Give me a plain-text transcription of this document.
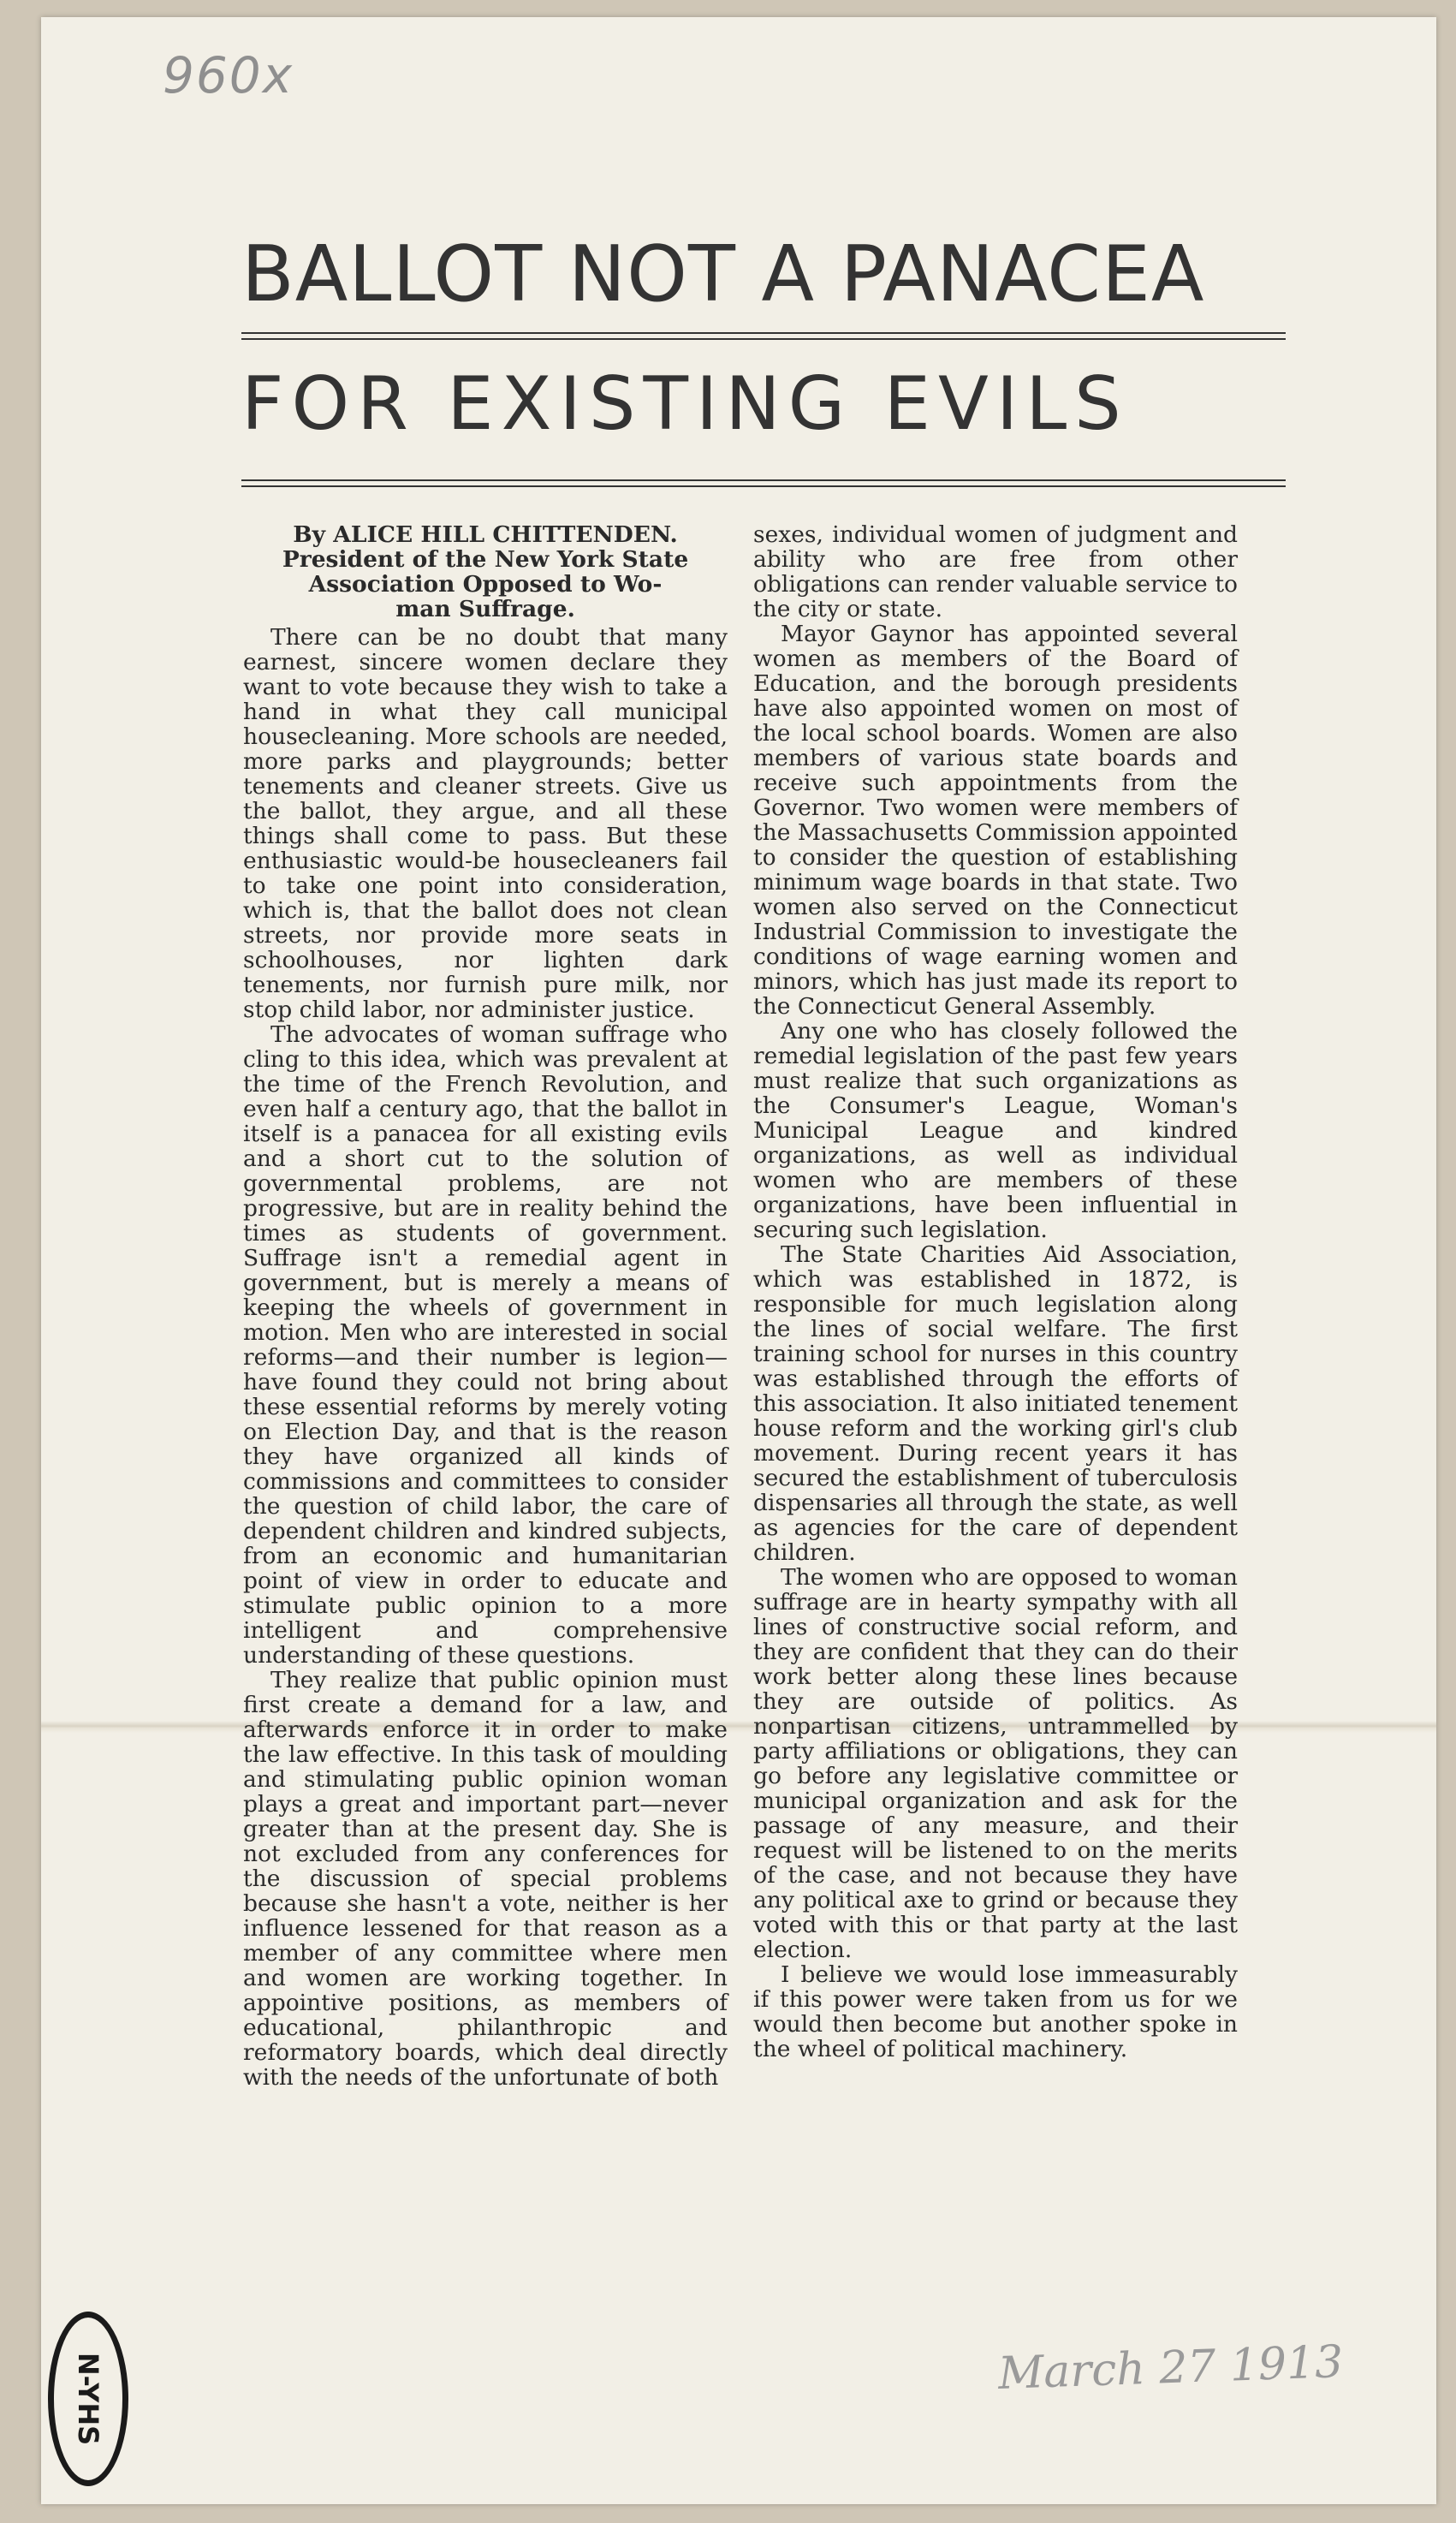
960x
BALLOT NOT A PANACEA
FOR EXISTING EVILS
By ALICE HILL CHITTENDEN.
President of the New York State
Association Opposed to Wo-
man Suffrage.

There can be no doubt that many earnest, sincere women declare they want to vote because they wish to take a hand in what they call municipal housecleaning. More schools are needed, more parks and playgrounds; better tenements and cleaner streets. Give us the ballot, they argue, and all these things shall come to pass. But these enthusiastic would-be housecleaners fail to take one point into consideration, which is, that the ballot does not clean streets, nor provide more seats in schoolhouses, nor lighten dark tenements, nor furnish pure milk, nor stop child labor, nor administer justice.

The advocates of woman suffrage who cling to this idea, which was prevalent at the time of the French Revolution, and even half a century ago, that the ballot in itself is a panacea for all existing evils and a short cut to the solution of governmental problems, are not progressive, but are in reality behind the times as students of government. Suffrage isn't a remedial agent in government, but is merely a means of keeping the wheels of government in motion. Men who are interested in social reforms—and their number is legion—have found they could not bring about these essential reforms by merely voting on Election Day, and that is the reason they have organized all kinds of commissions and committees to consider the question of child labor, the care of dependent children and kindred subjects, from an economic and humanitarian point of view in order to educate and stimulate public opinion to a more intelligent and comprehensive understanding of these questions.

They realize that public opinion must first create a demand for a law, and afterwards enforce it in order to make the law effective. In this task of moulding and stimulating public opinion woman plays a great and important part—never greater than at the present day. She is not excluded from any conferences for the discussion of special problems because she hasn't a vote, neither is her influence lessened for that reason as a member of any committee where men and women are working together. In appointive positions, as members of educational, philanthropic and reformatory boards, which deal directly with the needs of the unfortunate of both

sexes, individual women of judgment and ability who are free from other obligations can render valuable service to the city or state.

Mayor Gaynor has appointed several women as members of the Board of Education, and the borough presidents have also appointed women on most of the local school boards. Women are also members of various state boards and receive such appointments from the Governor. Two women were members of the Massachusetts Commission appointed to consider the question of establishing minimum wage boards in that state. Two women also served on the Connecticut Industrial Commission to investigate the conditions of wage earning women and minors, which has just made its report to the Connecticut General Assembly.

Any one who has closely followed the remedial legislation of the past few years must realize that such organizations as the Consumer's League, Woman's Municipal League and kindred organizations, as well as individual women who are members of these organizations, have been influential in securing such legislation.

The State Charities Aid Association, which was established in 1872, is responsible for much legislation along the lines of social welfare. The first training school for nurses in this country was established through the efforts of this association. It also initiated tenement house reform and the working girl's club movement. During recent years it has secured the establishment of tuberculosis dispensaries all through the state, as well as agencies for the care of dependent children.

The women who are opposed to woman suffrage are in hearty sympathy with all lines of constructive social reform, and they are confident that they can do their work better along these lines because they are outside of politics. As nonpartisan citizens, untrammelled by party affiliations or obligations, they can go before any legislative committee or municipal organization and ask for the passage of any measure, and their request will be listened to on the merits of the case, and not because they have any political axe to grind or because they voted with this or that party at the last election.

I believe we would lose immeasurably if this power were taken from us for we would then become but another spoke in the wheel of political machinery.

March 27 1913
N-YHS
